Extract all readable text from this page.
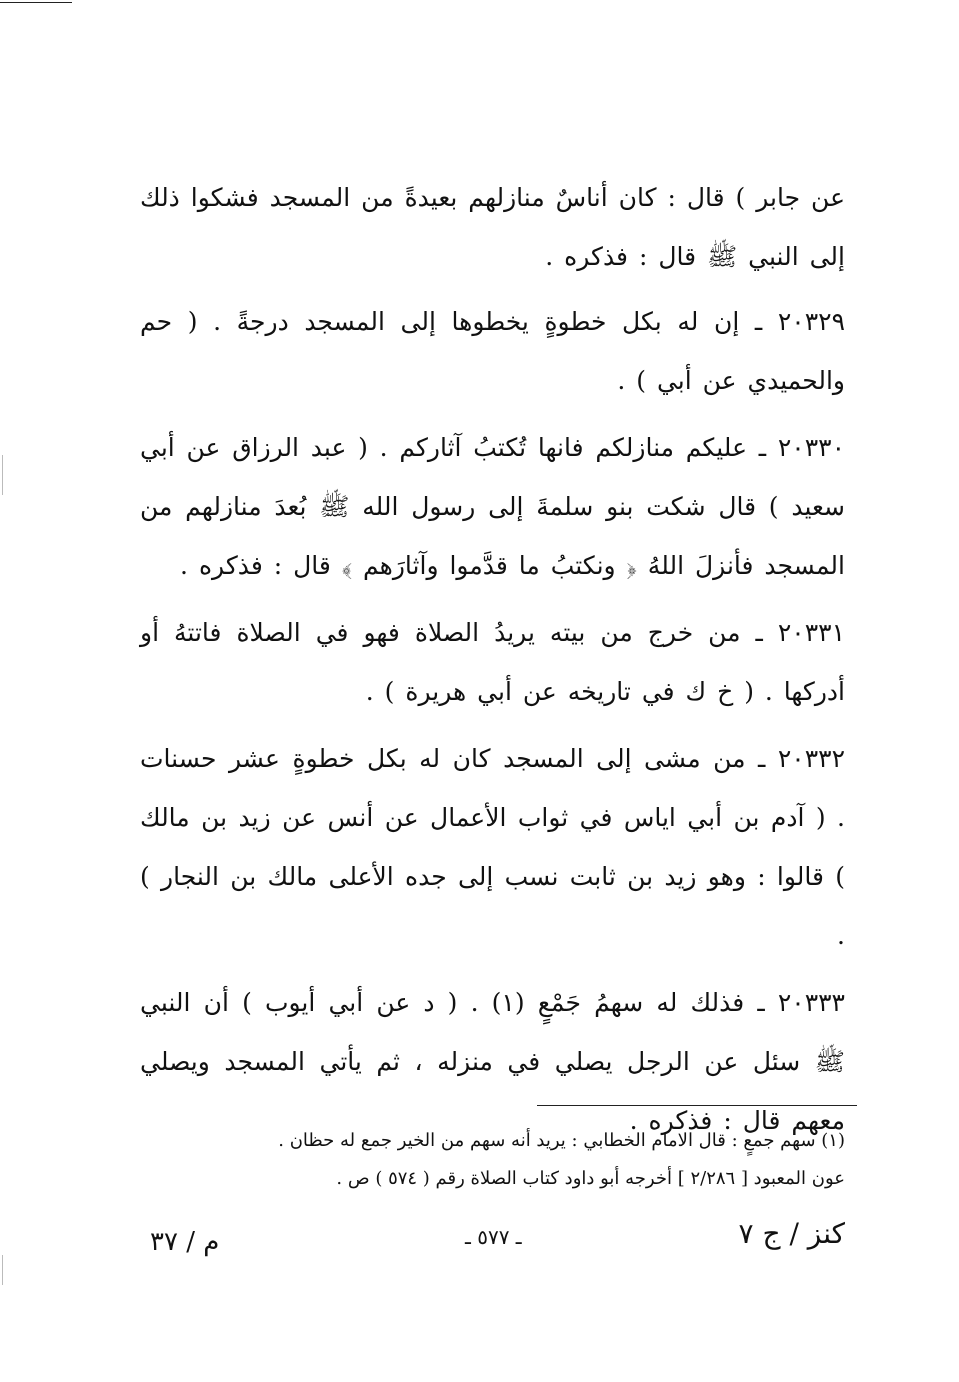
عن جابر ) قال : كان أناسٌ منازلهم بعيدةً من المسجد فشكوا ذلك إلى النبي ﷺ قال : فذكره .

٢٠٣٢٩ ـ إن له بكل خطوةٍ يخطوها إلى المسجد درجةً . ( حم والحميدي عن أبي ) .

٢٠٣٣٠ ـ عليكم منازلكم فانها تُكتبُ آثاركم . ( عبد الرزاق عن أبي سعيد ) قال شكت بنو سلمةَ إلى رسول الله ﷺ بُعدَ منازلهم من المسجد فأنزلَ اللهُ ﴿ ونكتبُ ما قدَّموا وآثارَهم ﴾ قال : فذكره .

٢٠٣٣١ ـ من خرج من بيته يريدُ الصلاة فهو في الصلاة فاتتهُ أو أدركها . ( خ ك في تاريخه عن أبي هريرة ) .

٢٠٣٣٢ ـ من مشى إلى المسجد كان له بكل خطوةٍ عشر حسنات . ( آدم بن أبي اياس في ثواب الأعمال عن أنس عن زيد بن مالك ) قالوا : وهو زيد بن ثابت نسب إلى جده الأعلى مالك بن النجار ) .

٢٠٣٣٣ ـ فذلك له سهمُ جَمْعٍ (١) . ( د عن أبي أيوب ) أن النبي ﷺ سئل عن الرجل يصلي في منزله ، ثم يأتي المسجد ويصلي معهم قال : فذكره .

(١) سهم جمعٍ : قال الامام الخطابي : يريد أنه سهم من الخير جمع له حظان .

عون المعبود [ ٢/٢٨٦ ] أخرجه أبو داود كتاب الصلاة رقم ( ٥٧٤ ) ص .

م / ٣٧	ـ ٥٧٧ ـ	كنز / ج ٧
